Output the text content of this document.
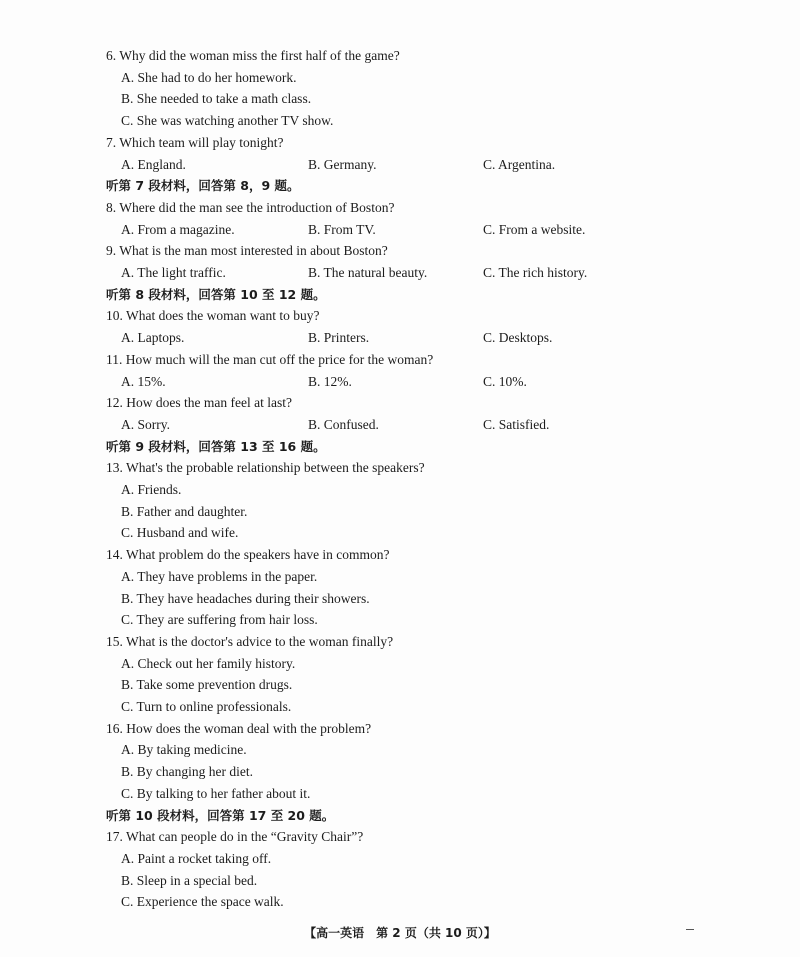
6. Why did the woman miss the first half of the game?
A. She had to do her homework.
B. She needed to take a math class.
C. She was watching another TV show.
7. Which team will play tonight?
A. England.	B. Germany.	C. Argentina.
听第 7 段材料，回答第 8，9 题。
8. Where did the man see the introduction of Boston?
A. From a magazine.	B. From TV.	C. From a website.
9. What is the man most interested in about Boston?
A. The light traffic.	B. The natural beauty.	C. The rich history.
听第 8 段材料，回答第 10 至 12 题。
10. What does the woman want to buy?
A. Laptops.	B. Printers.	C. Desktops.
11. How much will the man cut off the price for the woman?
A. 15%.	B. 12%.	C. 10%.
12. How does the man feel at last?
A. Sorry.	B. Confused.	C. Satisfied.
听第 9 段材料，回答第 13 至 16 题。
13. What's the probable relationship between the speakers?
A. Friends.
B. Father and daughter.
C. Husband and wife.
14. What problem do the speakers have in common?
A. They have problems in the paper.
B. They have headaches during their showers.
C. They are suffering from hair loss.
15. What is the doctor's advice to the woman finally?
A. Check out her family history.
B. Take some prevention drugs.
C. Turn to online professionals.
16. How does the woman deal with the problem?
A. By taking medicine.
B. By changing her diet.
C. By talking to her father about it.
听第 10 段材料，回答第 17 至 20 题。
17. What can people do in the “Gravity Chair”?
A. Paint a rocket taking off.
B. Sleep in a special bed.
C. Experience the space walk.
【高一英语　第 2 页（共 10 页）】
